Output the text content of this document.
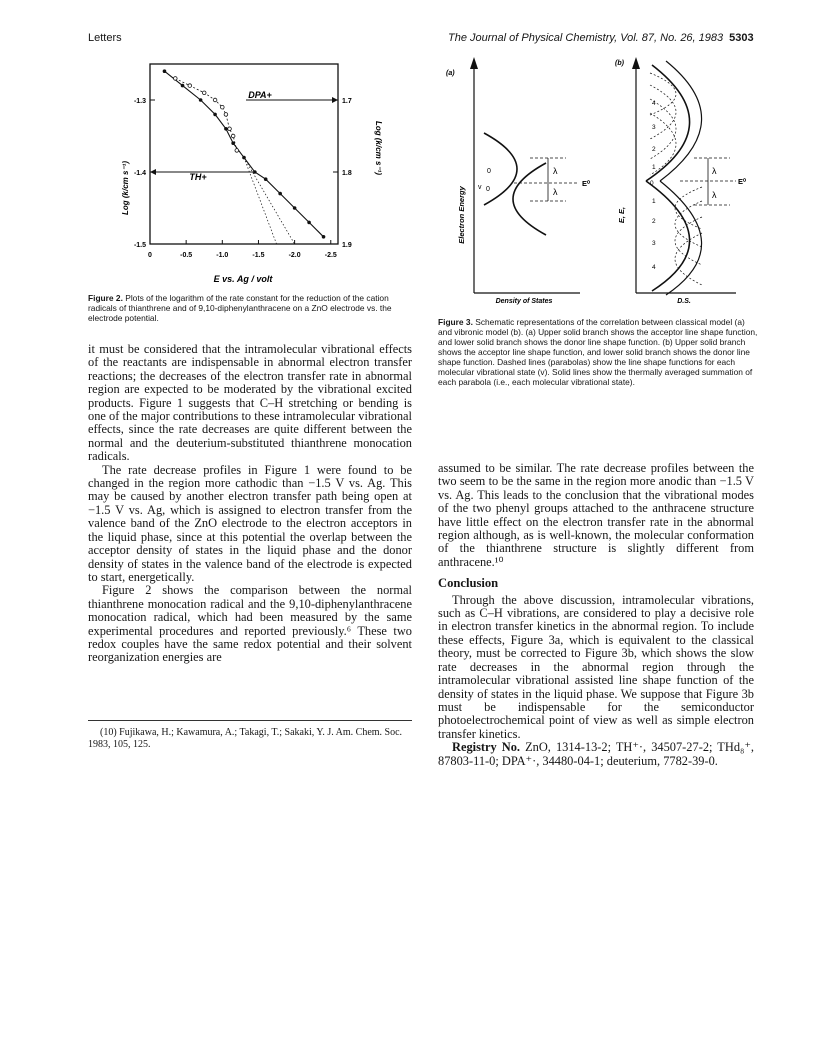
Letters	The Journal of Physical Chemistry, Vol. 87, No. 26, 1983 5303
0	-0.5	-1.0	-1.5	-2.0	-2.5
-1.3
-1.4
-1.5
1.7
1.8
1.9
Log (k/cm s⁻¹)
Log (k/cm s⁻¹)
E vs. Ag / volt
DPA+
TH+
Figure 2. Plots of the logarithm of the rate constant for the reduction of the cation radicals of thianthrene and of 9,10-diphenylanthracene on a ZnO electrode vs. the electrode potential.
(a)
Electron Energy
Density of States
0
v 0
λ
λ
E⁰
(b)
E, E,
D.S.
4
3
2
1
0
1
2
3
4
λ
λ
E⁰
Figure 3. Schematic representations of the correlation between classical model (a) and vibronic model (b). (a) Upper solid branch shows the acceptor line shape function, and lower solid branch shows the donor line shape function. (b) Upper solid branch shows the acceptor line shape function, and lower solid branch shows the donor line shape function. Dashed lines (parabolas) show the line shape functions for each molecular vibrational state (v). Solid lines show the thermally averaged summation of each parabola (i.e., each molecular vibrational state).

it must be considered that the intramolecular vibrational effects of the reactants are indispensable in abnormal electron transfer reactions; the decreases of the electron transfer rate in abnormal region are expected to be moderated by the vibrational excited products. Figure 1 suggests that C–H stretching or bending is one of the major contributions to these intramolecular vibrational effects, since the rate decreases are quite different between the normal and the deuterium-substituted thianthrene monocation radicals.

The rate decrease profiles in Figure 1 were found to be changed in the region more cathodic than −1.5 V vs. Ag. This may be caused by another electron transfer path being open at −1.5 V vs. Ag, which is assigned to electron transfer from the valence band of the ZnO electrode to the electron acceptors in the liquid phase, since at this potential the overlap between the acceptor density of states in the liquid phase and the donor density of states in the valence band of the electrode is expected to start, energetically.

Figure 2 shows the comparison between the normal thianthrene monocation radical and the 9,10-diphenylanthracene monocation radical, which had been measured by the same experimental procedures and reported previously.⁶ These two redox couples have the same redox potential and their solvent reorganization energies are

(10) Fujikawa, H.; Kawamura, A.; Takagi, T.; Sakaki, Y. J. Am. Chem. Soc. 1983, 105, 125.

assumed to be similar. The rate decrease profiles between the two seem to be the same in the region more anodic than −1.5 V vs. Ag. This leads to the conclusion that the vibrational modes of the two phenyl groups attached to the anthracene structure have little effect on the electron transfer rate in the abnormal region although, as is well-known, the molecular conformation of the thianthrene structure is slightly different from anthracene.¹⁰

Conclusion

Through the above discussion, intramolecular vibrations, such as C–H vibrations, are considered to play a decisive role in electron transfer kinetics in the abnormal region. To include these effects, Figure 3a, which is equivalent to the classical theory, must be corrected to Figure 3b, which shows the slow rate decreases in the abnormal region through the intramolecular vibrational assisted line shape function of the density of states in the liquid phase. We suppose that Figure 3b must be indispensable for the semiconductor photoelectrochemical point of view as well as simple electron transfer kinetics.

Registry No. ZnO, 1314-13-2; TH⁺·, 34507-27-2; THd₈⁺, 87803-11-0; DPA⁺·, 34480-04-1; deuterium, 7782-39-0.
